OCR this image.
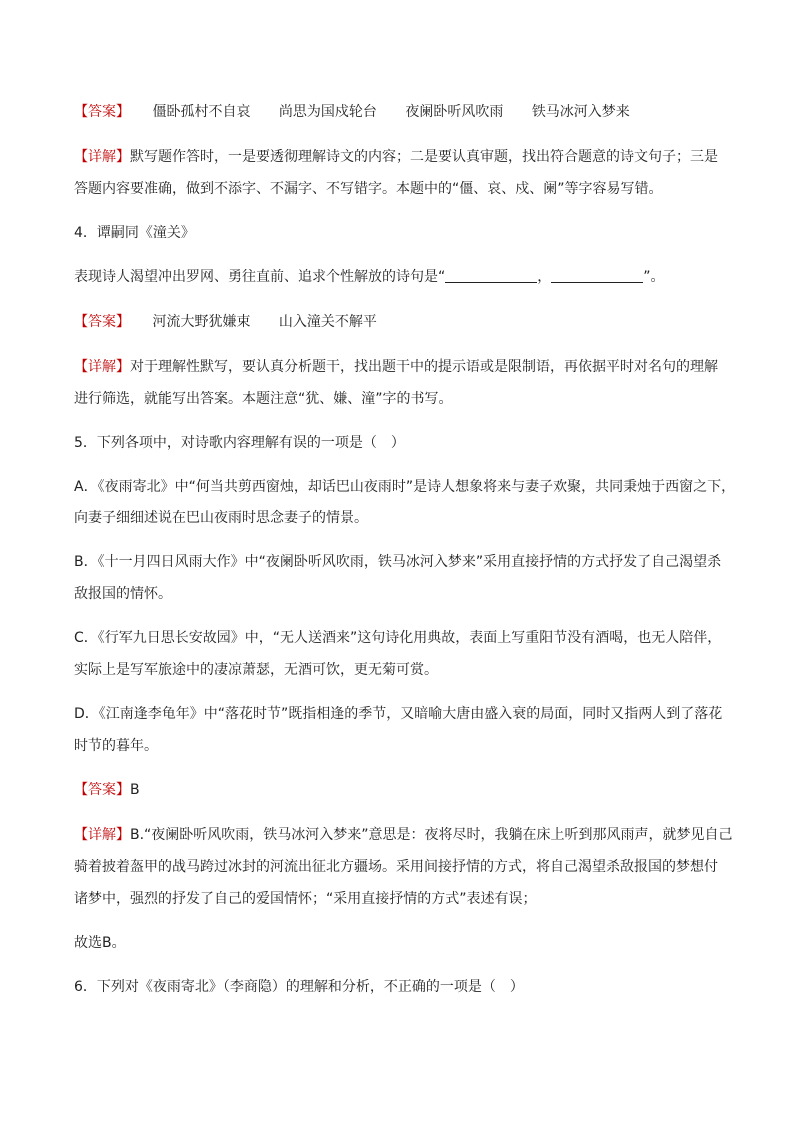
【答案】 僵卧孤村不自哀 尚思为国戍轮台 夜阑卧听风吹雨 铁马冰河入梦来
【详解】默写题作答时，一是要透彻理解诗文的内容；二是要认真审题，找出符合题意的诗文句子；三是
答题内容要准确，做到不添字、不漏字、不写错字。本题中的“僵、哀、戍、阑”等字容易写错。
4．谭嗣同《潼关》
表现诗人渴望冲出罗网、勇往直前、追求个性解放的诗句是“	，	”。
【答案】 河流大野犹嫌束 山入潼关不解平
【详解】对于理解性默写，要认真分析题干，找出题干中的提示语或是限制语，再依据平时对名句的理解
进行筛选，就能写出答案。本题注意“犹、嫌、潼”字的书写。
5．下列各项中，对诗歌内容理解有误的一项是（　）
A．《夜雨寄北》中“何当共剪西窗烛，却话巴山夜雨时”是诗人想象将来与妻子欢聚，共同秉烛于西窗之下，
向妻子细细述说在巴山夜雨时思念妻子的情景。
B．《十一月四日风雨大作》中“夜阑卧听风吹雨，铁马冰河入梦来”采用直接抒情的方式抒发了自己渴望杀
敌报国的情怀。
C．《行军九日思长安故园》中，“无人送酒来”这句诗化用典故，表面上写重阳节没有酒喝，也无人陪伴，
实际上是写军旅途中的凄凉萧瑟，无酒可饮，更无菊可赏。
D．《江南逢李龟年》中“落花时节”既指相逢的季节，又暗喻大唐由盛入衰的局面，同时又指两人到了落花
时节的暮年。
【答案】B
【详解】B.“夜阑卧听风吹雨，铁马冰河入梦来”意思是：夜将尽时，我躺在床上听到那风雨声，就梦见自己
骑着披着盔甲的战马跨过冰封的河流出征北方疆场。采用间接抒情的方式，将自己渴望杀敌报国的梦想付
诸梦中，强烈的抒发了自己的爱国情怀；“采用直接抒情的方式”表述有误；
故选B。
6．下列对《夜雨寄北》（李商隐）的理解和分析，不正确的一项是（　）
